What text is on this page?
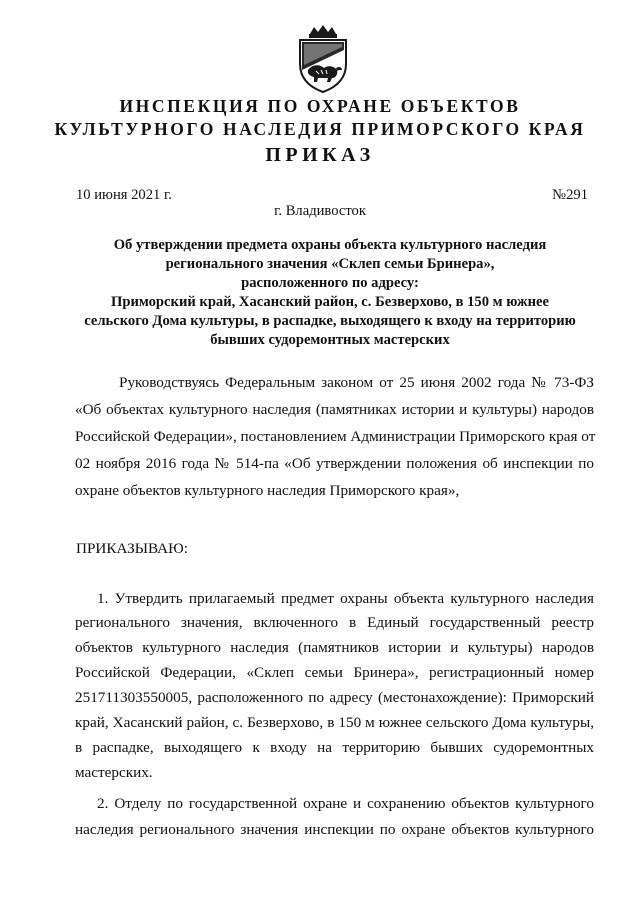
ИНСПЕКЦИЯ ПО ОХРАНЕ ОБЪЕКТОВ
КУЛЬТУРНОГО НАСЛЕДИЯ ПРИМОРСКОГО КРАЯ
ПРИКАЗ
10 июня 2021 г.	№291
г. Владивосток
Об утверждении предмета охраны объекта культурного наследия
регионального значения «Склеп семьи Бринера»,
расположенного по адресу:
Приморский край, Хасанский район, с. Безверхово, в 150 м южнее
сельского Дома культуры, в распадке, выходящего к входу на территорию
бывших судоремонтных мастерских
Руководствуясь Федеральным законом от 25 июня 2002 года № 73-ФЗ
«Об объектах культурного наследия (памятниках истории и культуры) народов
Российской Федерации», постановлением Администрации Приморского края от
02 ноября 2016 года № 514-па «Об утверждении положения об инспекции по
охране объектов культурного наследия Приморского края»,
ПРИКАЗЫВАЮ:
1. Утвердить прилагаемый предмет охраны объекта культурного наследия
регионального значения, включенного в Единый государственный реестр
объектов культурного наследия (памятников истории и культуры) народов
Российской Федерации, «Склеп семьи Бринера», регистрационный номер
251711303550005, расположенного по адресу (местонахождение): Приморский
край, Хасанский район, с. Безверхово, в 150 м южнее сельского Дома культуры,
в распадке, выходящего к входу на территорию бывших судоремонтных
мастерских.
2. Отделу по государственной охране и сохранению объектов культурного
наследия регионального значения инспекции по охране объектов культурного
